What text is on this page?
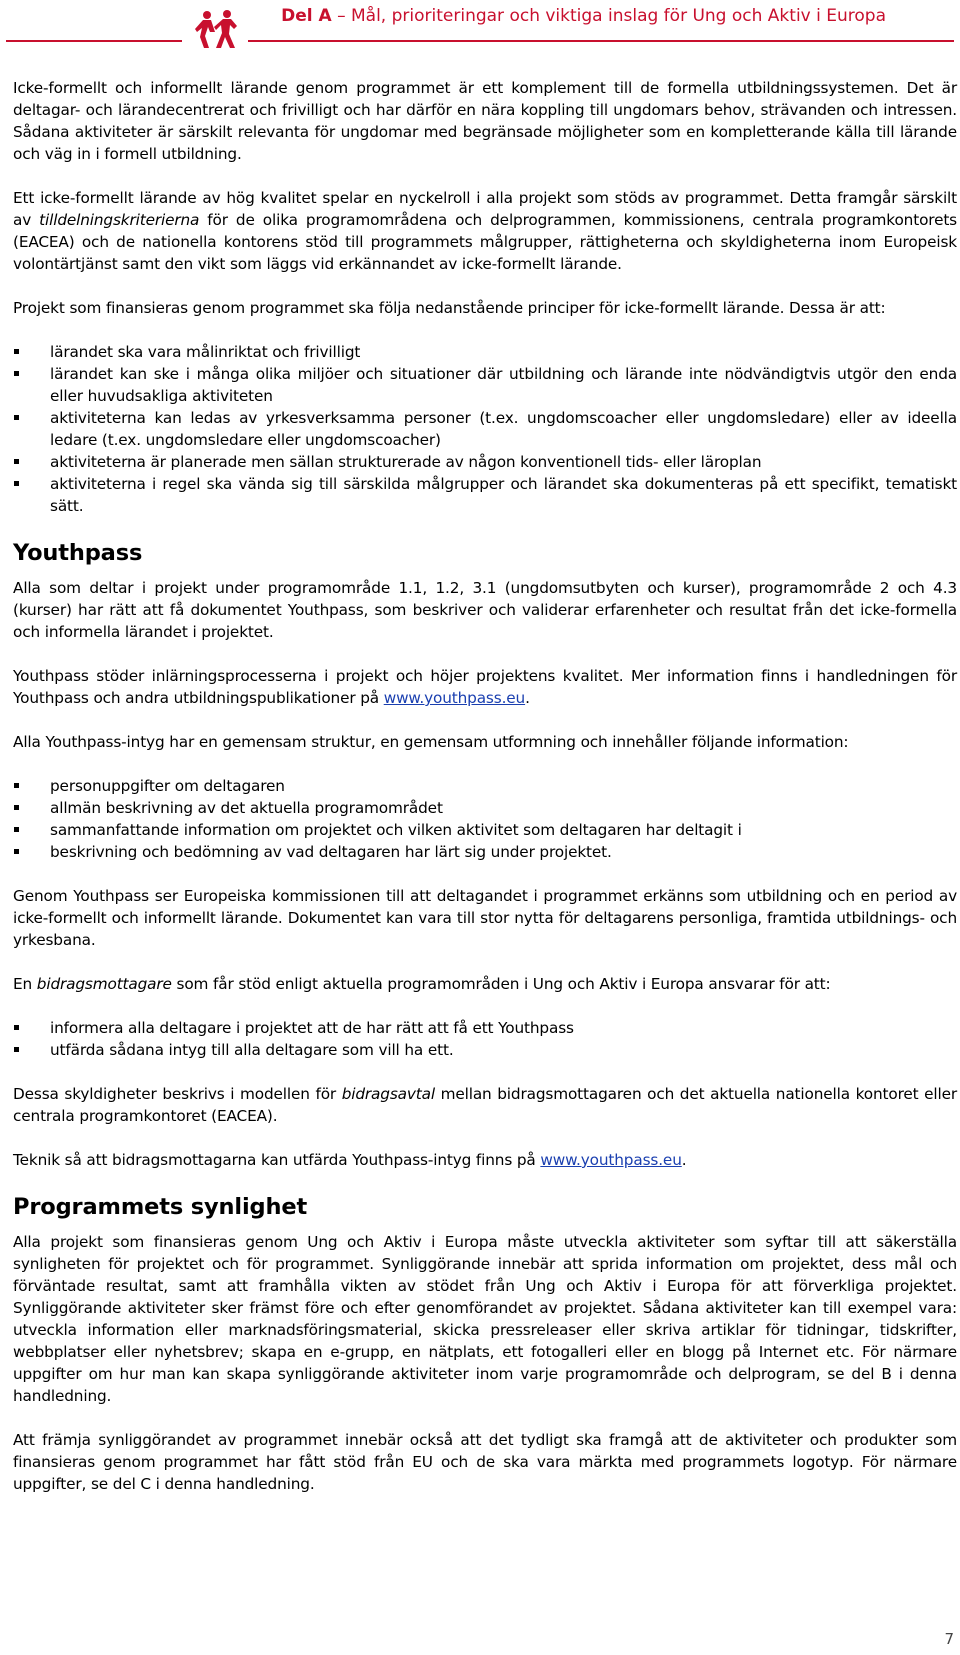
Del A – Mål, prioriteringar och viktiga inslag för Ung och Aktiv i Europa

Icke-formellt och informellt lärande genom programmet är ett komplement till de formella utbildningssystemen. Det är deltagar- och lärandecentrerat och frivilligt och har därför en nära koppling till ungdomars behov, strävanden och intressen. Sådana aktiviteter är särskilt relevanta för ungdomar med begränsade möjligheter som en kompletterande källa till lärande och väg in i formell utbildning.

Ett icke-formellt lärande av hög kvalitet spelar en nyckelroll i alla projekt som stöds av programmet. Detta framgår särskilt av tilldelningskriterierna för de olika programområdena och delprogrammen, kommissionens, centrala programkontorets (EACEA) och de nationella kontorens stöd till programmets målgrupper, rättigheterna och skyldigheterna inom Europeisk volontärtjänst samt den vikt som läggs vid erkännandet av icke-formellt lärande.

Projekt som finansieras genom programmet ska följa nedanstående principer för icke-formellt lärande. Dessa är att:

lärandet ska vara målinriktat och frivilligt
lärandet kan ske i många olika miljöer och situationer där utbildning och lärande inte nödvändigtvis utgör den enda eller huvudsakliga aktiviteten
aktiviteterna kan ledas av yrkesverksamma personer (t.ex. ungdomscoacher eller ungdomsledare) eller av ideella ledare (t.ex. ungdomsledare eller ungdomscoacher)
aktiviteterna är planerade men sällan strukturerade av någon konventionell tids- eller läroplan
aktiviteterna i regel ska vända sig till särskilda målgrupper och lärandet ska dokumenteras på ett specifikt, tematiskt sätt.
Youthpass

Alla som deltar i projekt under programområde 1.1, 1.2, 3.1 (ungdomsutbyten och kurser), programområde 2 och 4.3 (kurser) har rätt att få dokumentet Youthpass, som beskriver och validerar erfarenheter och resultat från det icke-formella och informella lärandet i projektet.

Youthpass stöder inlärningsprocesserna i projekt och höjer projektens kvalitet. Mer information finns i handledningen för Youthpass och andra utbildningspublikationer på www.youthpass.eu.

Alla Youthpass-intyg har en gemensam struktur, en gemensam utformning och innehåller följande information:

personuppgifter om deltagaren
allmän beskrivning av det aktuella programområdet
sammanfattande information om projektet och vilken aktivitet som deltagaren har deltagit i
beskrivning och bedömning av vad deltagaren har lärt sig under projektet.

Genom Youthpass ser Europeiska kommissionen till att deltagandet i programmet erkänns som utbildning och en period av icke-formellt och informellt lärande. Dokumentet kan vara till stor nytta för deltagarens personliga, framtida utbildnings- och yrkesbana.

En bidragsmottagare som får stöd enligt aktuella programområden i Ung och Aktiv i Europa ansvarar för att:

informera alla deltagare i projektet att de har rätt att få ett Youthpass
utfärda sådana intyg till alla deltagare som vill ha ett.

Dessa skyldigheter beskrivs i modellen för bidragsavtal mellan bidragsmottagaren och det aktuella nationella kontoret eller centrala programkontoret (EACEA).

Teknik så att bidragsmottagarna kan utfärda Youthpass-intyg finns på www.youthpass.eu.

Programmets synlighet

Alla projekt som finansieras genom Ung och Aktiv i Europa måste utveckla aktiviteter som syftar till att säkerställa synligheten för projektet och för programmet. Synliggörande innebär att sprida information om projektet, dess mål och förväntade resultat, samt att framhålla vikten av stödet från Ung och Aktiv i Europa för att förverkliga projektet. Synliggörande aktiviteter sker främst före och efter genomförandet av projektet. Sådana aktiviteter kan till exempel vara: utveckla information eller marknadsföringsmaterial, skicka pressreleaser eller skriva artiklar för tidningar, tidskrifter, webbplatser eller nyhetsbrev; skapa en e-grupp, en nätplats, ett fotogalleri eller en blogg på Internet etc. För närmare uppgifter om hur man kan skapa synliggörande aktiviteter inom varje programområde och delprogram, se del B i denna handledning.

Att främja synliggörandet av programmet innebär också att det tydligt ska framgå att de aktiviteter och produkter som finansieras genom programmet har fått stöd från EU och de ska vara märkta med programmets logotyp. För närmare uppgifter, se del C i denna handledning.

7
